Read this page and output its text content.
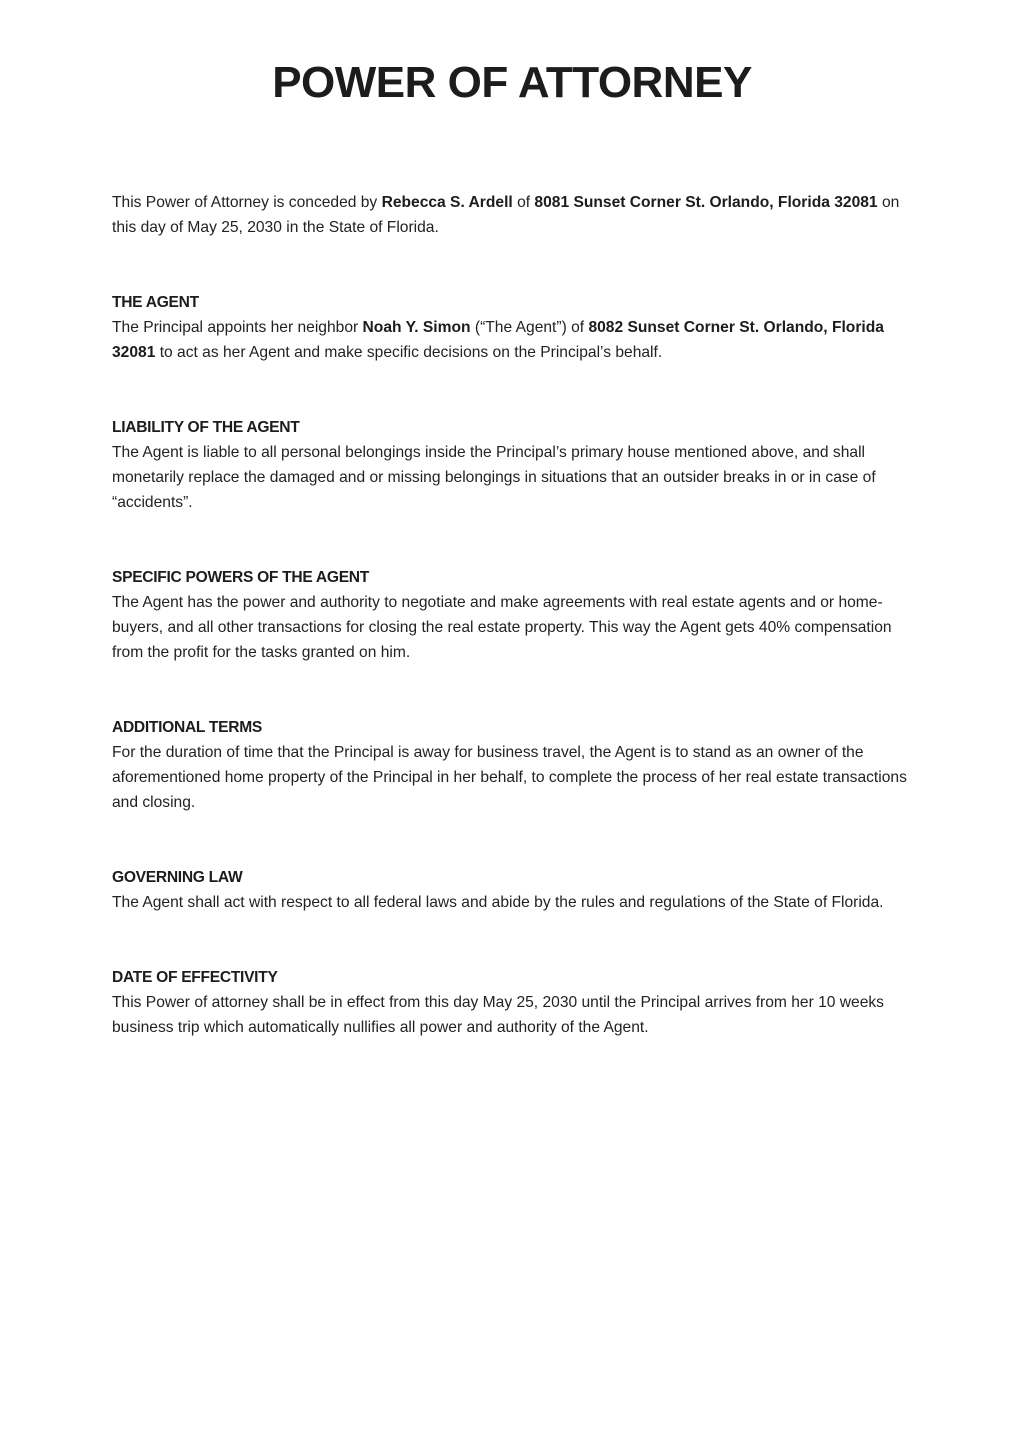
POWER OF ATTORNEY

This Power of Attorney is conceded by Rebecca S. Ardell of 8081 Sunset Corner St. Orlando, Florida 32081 on this day of May 25, 2030 in the State of Florida.

THE AGENT

The Principal appoints her neighbor Noah Y. Simon (“The Agent”) of 8082 Sunset Corner St. Orlando, Florida 32081 to act as her Agent and make specific decisions on the Principal’s behalf.

LIABILITY OF THE AGENT

The Agent is liable to all personal belongings inside the Principal’s primary house mentioned above, and shall monetarily replace the damaged and or missing belongings in situations that an outsider breaks in or in case of “accidents”.

SPECIFIC POWERS OF THE AGENT

The Agent has the power and authority to negotiate and make agreements with real estate agents and or home-buyers, and all other transactions for closing the real estate property. This way the Agent gets 40% compensation from the profit for the tasks granted on him.

ADDITIONAL TERMS

For the duration of time that the Principal is away for business travel, the Agent is to stand as an owner of the aforementioned home property of the Principal in her behalf, to complete the process of her real estate transactions and closing.

GOVERNING LAW

The Agent shall act with respect to all federal laws and abide by the rules and regulations of the State of Florida.

DATE OF EFFECTIVITY

This Power of attorney shall be in effect from this day May 25, 2030 until the Principal arrives from her 10 weeks business trip which automatically nullifies all power and authority of the Agent.
